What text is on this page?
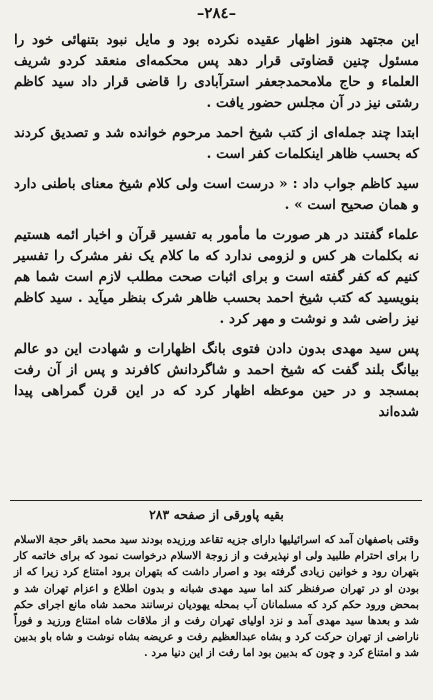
–۲۸٤–

این مجتهد هنوز اظهار عقیده نکرده بود و مایل نبود بتنهائی خود را مسئول چنین قضاوتی قرار دهد پس محکمه‌ای منعقد کردو شریف العلماء و حاج ملامحمدجعفر استرآبادی را قاضی قرار داد سید کاظم رشتی نیز در آن مجلس حضور یافت .

ابتدا چند جمله‌ای از کتب شیخ احمد مرحوم خوانده شد و تصدیق کردند که بحسب ظاهر اینکلمات کفر است .

سید کاظم جواب داد : « درست است ولی کلام شیخ معنای باطنی دارد و همان صحیح است » .

علماء گفتند در هر صورت ما مأمور به تفسیر قرآن و اخبار ائمه هستیم نه بکلمات هر کس و لزومی ندارد که ما کلام یک نفر مشرک را تفسیر کنیم که کفر گفته است و برای اثبات صحت مطلب لازم است شما هم بنویسید که کتب شیخ احمد بحسب ظاهر شرک بنظر میآید . سید کاظم نیز راضی شد و نوشت و مهر کرد .

پس سید مهدی بدون دادن فتوی بانگ اظهارات و شهادت این دو عالم بیانگ بلند گفت که شیخ احمد و شاگردانش کافرند و پس از آن رفت بمسجد و در حین موعظه اظهار کرد که در این قرن گمراهی پیدا شده‌اند

بقیه پاورقی از صفحه ۲۸۳
وقتی باصفهان آمد که اسرائیلیها دارای جزیه تقاعد ورزیده بودند سید محمد باقر حجة الاسلام را برای احترام طلبید ولی او نپذیرفت و از زوجة الاسلام درخواست نمود که برای خاتمه کار بتهران رود و خوانین زیادی گرفته بود و اصرار داشت که بتهران برود امتناع کرد زیرا که از بودن او در تهران صرفنظر کند اما سید مهدی شبانه و بدون اطلاع و اعزام تهران شد و بمحض ورود حکم کرد که مسلمانان آب بمحله یهودیان نرسانند محمد شاه مانع اجرای حکم شد و بعدها سید مهدی آمد و نزد اولیای تهران رفت و از ملاقات شاه امتناع ورزید و فوراً ناراضی از تهران حرکت کرد و بشاه عبدالعظیم رفت و عریضه بشاه نوشت و شاه باو بدبین شد و امتناع کرد و چون که بدبین بود اما رفت از این دنیا مرد .
